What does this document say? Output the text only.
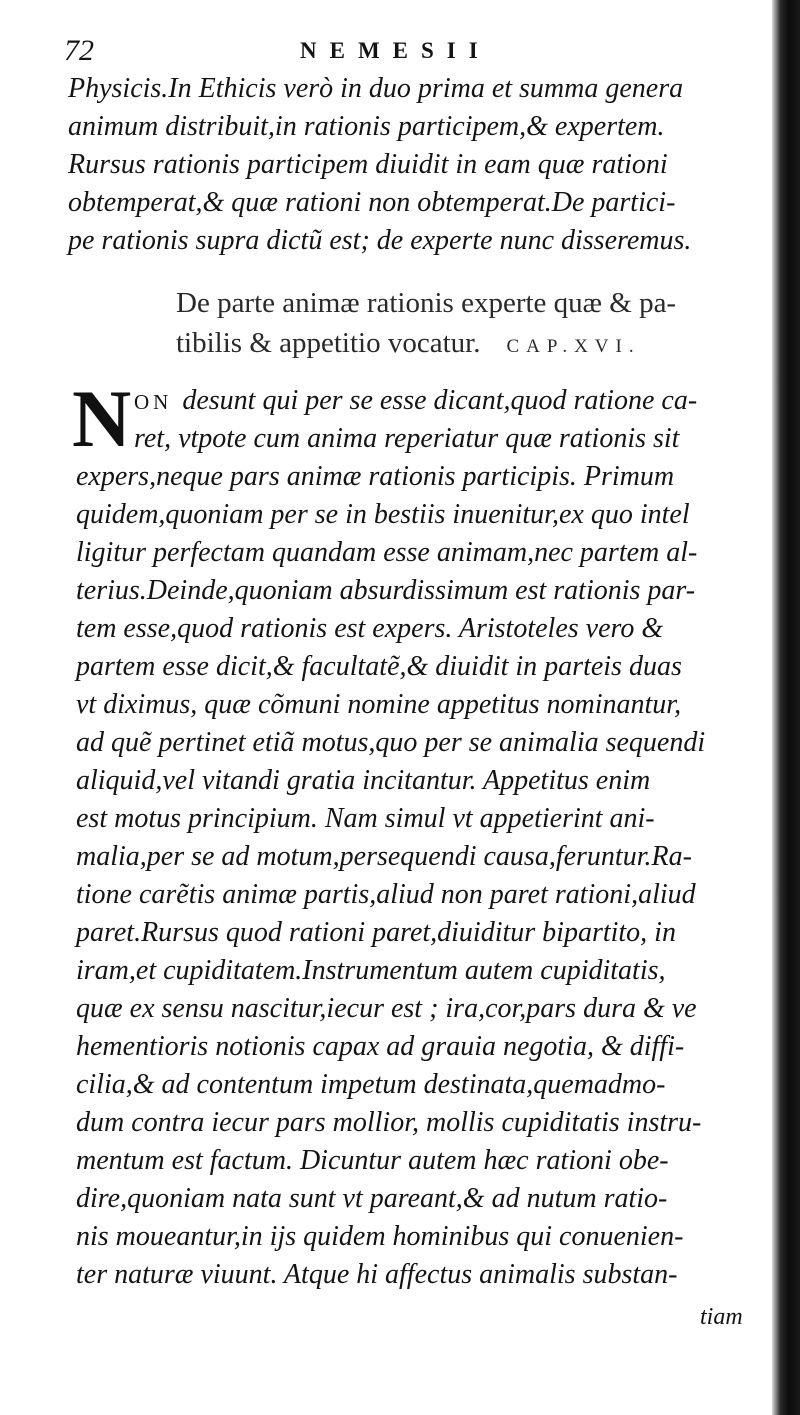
72	NEMESII
Physicis.In Ethicis verò in duo prima et summa genera
animum distribuit,in rationis participem,& expertem.
Rursus rationis participem diuidit in eam quæ rationi
obtemperat,& quæ rationi non obtemperat.De partici-
pe rationis supra dictũ est; de experte nunc disseremus.
De parte animæ rationis experte quæ & pa-
tibilis & appetitio vocatur. CAP.XVI.
N ON desunt qui per se esse dicant,quod ratione ca-
ret, vtpote cum anima reperiatur quæ rationis sit
expers,neque pars animæ rationis participis. Primum
quidem,quoniam per se in bestiis inuenitur,ex quo intel
ligitur perfectam quandam esse animam,nec partem al-
terius.Deinde,quoniam absurdissimum est rationis par-
tem esse,quod rationis est expers. Aristoteles vero &
partem esse dicit,& facultatẽ,& diuidit in parteis duas
vt diximus, quæ cõmuni nomine appetitus nominantur,
ad quẽ pertinet etiã motus,quo per se animalia sequendi
aliquid,vel vitandi gratia incitantur. Appetitus enim
est motus principium. Nam simul vt appetierint ani-
malia,per se ad motum,persequendi causa,feruntur.Ra-
tione carẽtis animæ partis,aliud non paret rationi,aliud
paret.Rursus quod rationi paret,diuiditur bipartito, in
iram,et cupiditatem.Instrumentum autem cupiditatis,
quæ ex sensu nascitur,iecur est ; ira,cor,pars dura & ve
hementioris notionis capax ad grauia negotia, & diffi-
cilia,& ad contentum impetum destinata,quemadmo-
dum contra iecur pars mollior, mollis cupiditatis instru-
mentum est factum. Dicuntur autem hæc rationi obe-
dire,quoniam nata sunt vt pareant,& ad nutum ratio-
nis moueantur,in ijs quidem hominibus qui conuenien-
ter naturæ viuunt. Atque hi affectus animalis substan-
tiam
